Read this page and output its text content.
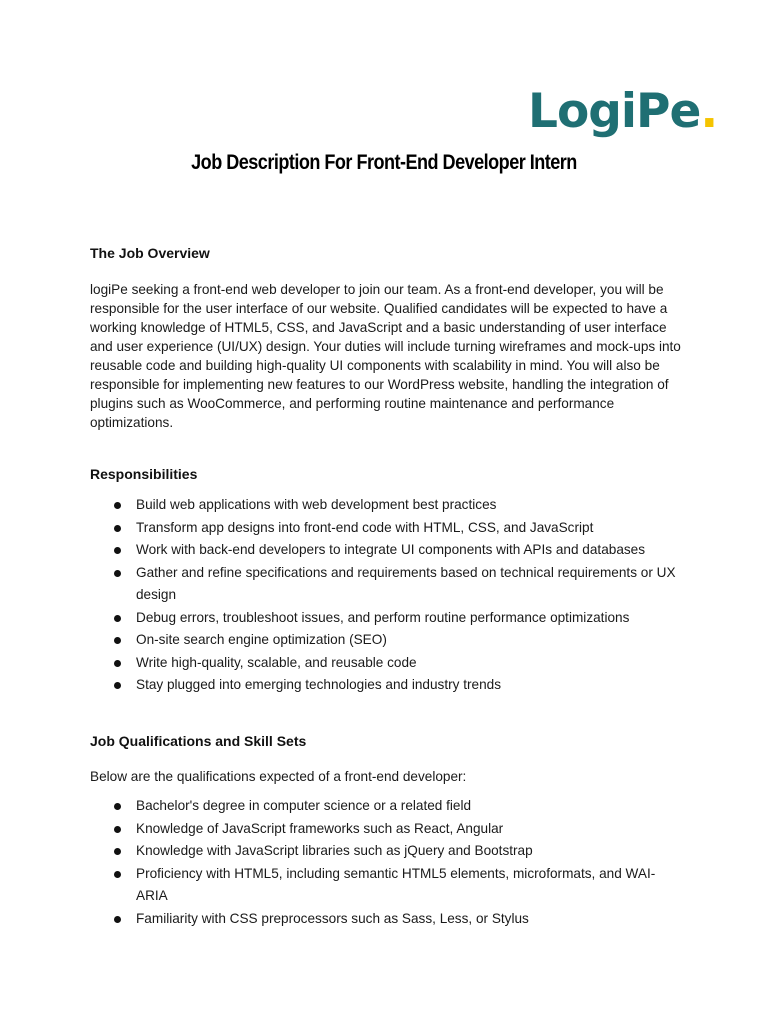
LogiPe.
Job Description For Front-End Developer Intern
The Job Overview

logiPe seeking a front-end web developer to join our team. As a front-end developer, you will be responsible for the user interface of our website. Qualified candidates will be expected to have a working knowledge of HTML5, CSS, and JavaScript and a basic understanding of user interface and user experience (UI/UX) design. Your duties will include turning wireframes and mock-ups into reusable code and building high-quality UI components with scalability in mind. You will also be responsible for implementing new features to our WordPress website, handling the integration of plugins such as WooCommerce, and performing routine maintenance and performance optimizations.

Responsibilities
Build web applications with web development best practices
Transform app designs into front-end code with HTML, CSS, and JavaScript
Work with back-end developers to integrate UI components with APIs and databases
Gather and refine specifications and requirements based on technical requirements or UX design
Debug errors, troubleshoot issues, and perform routine performance optimizations
On-site search engine optimization (SEO)
Write high-quality, scalable, and reusable code
Stay plugged into emerging technologies and industry trends
Job Qualifications and Skill Sets

Below are the qualifications expected of a front-end developer:

Bachelor's degree in computer science or a related field
Knowledge of JavaScript frameworks such as React, Angular
Knowledge with JavaScript libraries such as jQuery and Bootstrap
Proficiency with HTML5, including semantic HTML5 elements, microformats, and WAI-ARIA
Familiarity with CSS preprocessors such as Sass, Less, or Stylus
